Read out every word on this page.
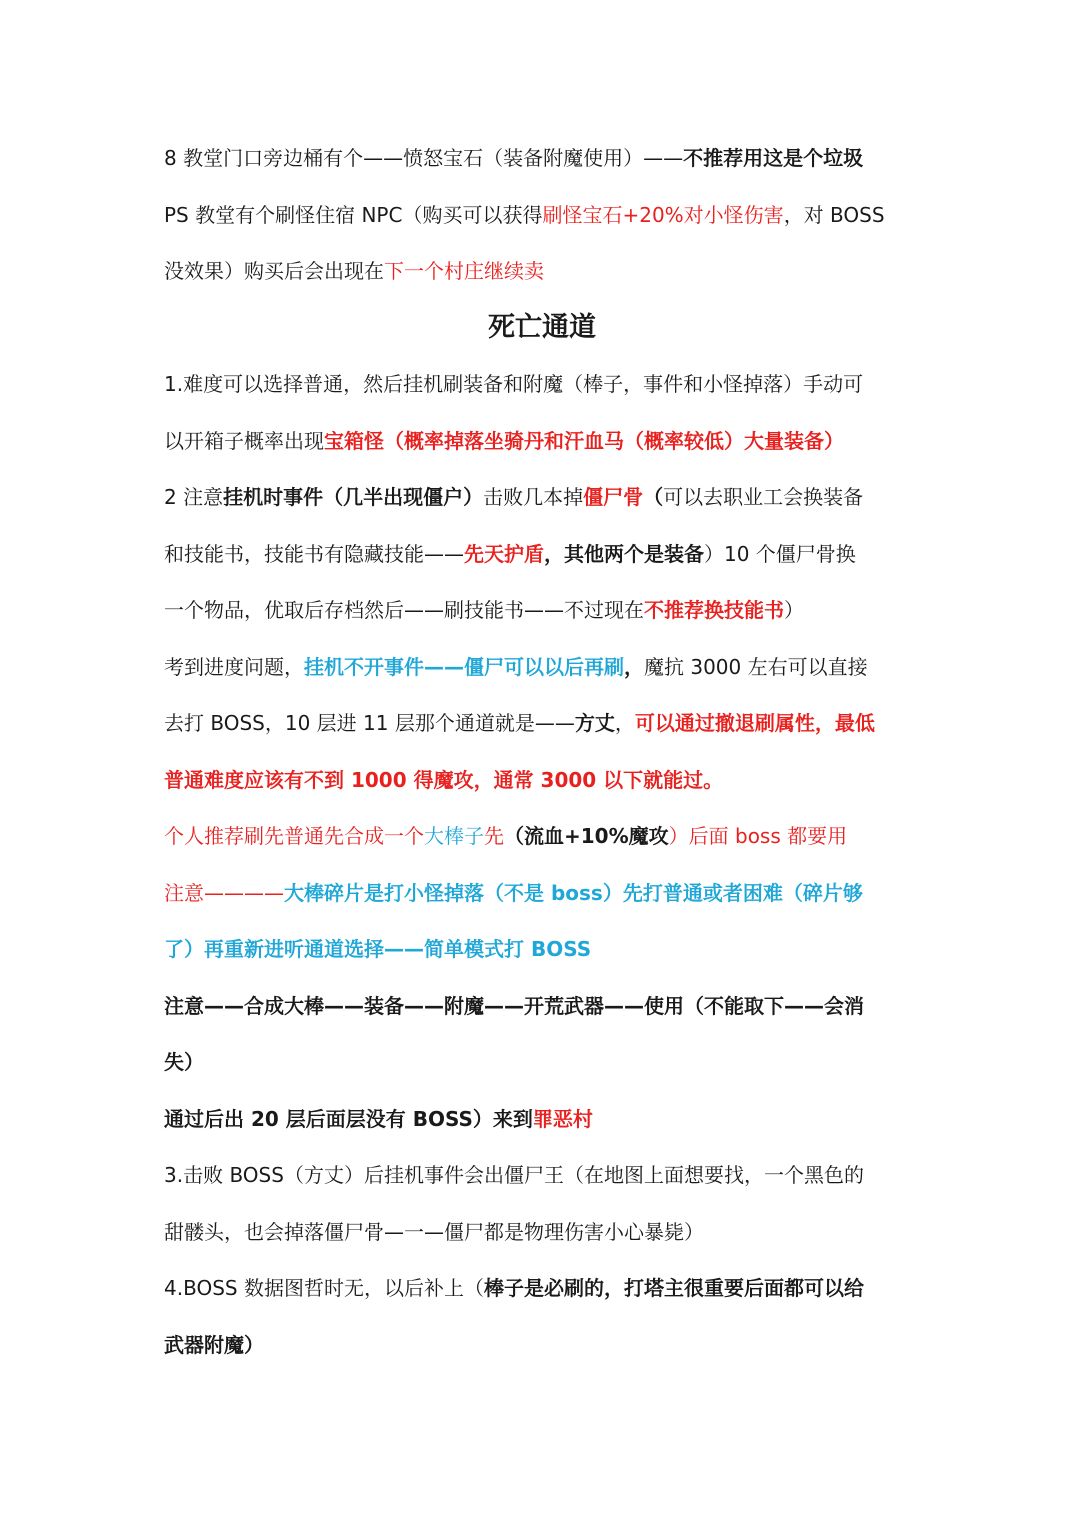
8 教堂门口旁边桶有个——愤怒宝石（装备附魔使用）——不推荐用这是个垃圾
PS 教堂有个刷怪住宿 NPC（购买可以获得刷怪宝石+20%对小怪伤害，对 BOSS
没效果）购买后会出现在下一个村庄继续卖
死亡通道
1.难度可以选择普通，然后挂机刷装备和附魔（棒子，事件和小怪掉落）手动可
以开箱子概率出现宝箱怪（概率掉落坐骑丹和汗血马（概率较低）大量装备）
2 注意挂机时事件（几半出现僵户）击败几本掉僵尸骨（可以去职业工会换装备
和技能书，技能书有隐藏技能——先天护盾，其他两个是装备）10 个僵尸骨换
一个物品，优取后存档然后——刷技能书——不过现在不推荐换技能书）
考到进度问题，挂机不开事件——僵尸可以以后再刷，魔抗 3000 左右可以直接
去打 BOSS，10 层进 11 层那个通道就是——方丈，可以通过撤退刷属性，最低
普通难度应该有不到 1000 得魔攻，通常 3000 以下就能过。
个人推荐刷先普通先合成一个大棒子先（流血+10%魔攻）后面 boss 都要用
注意————大棒碎片是打小怪掉落（不是 boss）先打普通或者困难（碎片够
了）再重新进听通道选择——简单模式打 BOSS
注意——合成大棒——装备——附魔——开荒武器——使用（不能取下——会消
失）
通过后出 20 层后面层没有 BOSS）来到罪恶村
3.击败 BOSS（方丈）后挂机事件会出僵尸王（在地图上面想要找，一个黑色的
甜髅头，也会掉落僵尸骨—一—僵尸都是物理伤害小心暴毙）
4.BOSS 数据图哲时无，以后补上（棒子是必刷的，打塔主很重要后面都可以给
武器附魔）
